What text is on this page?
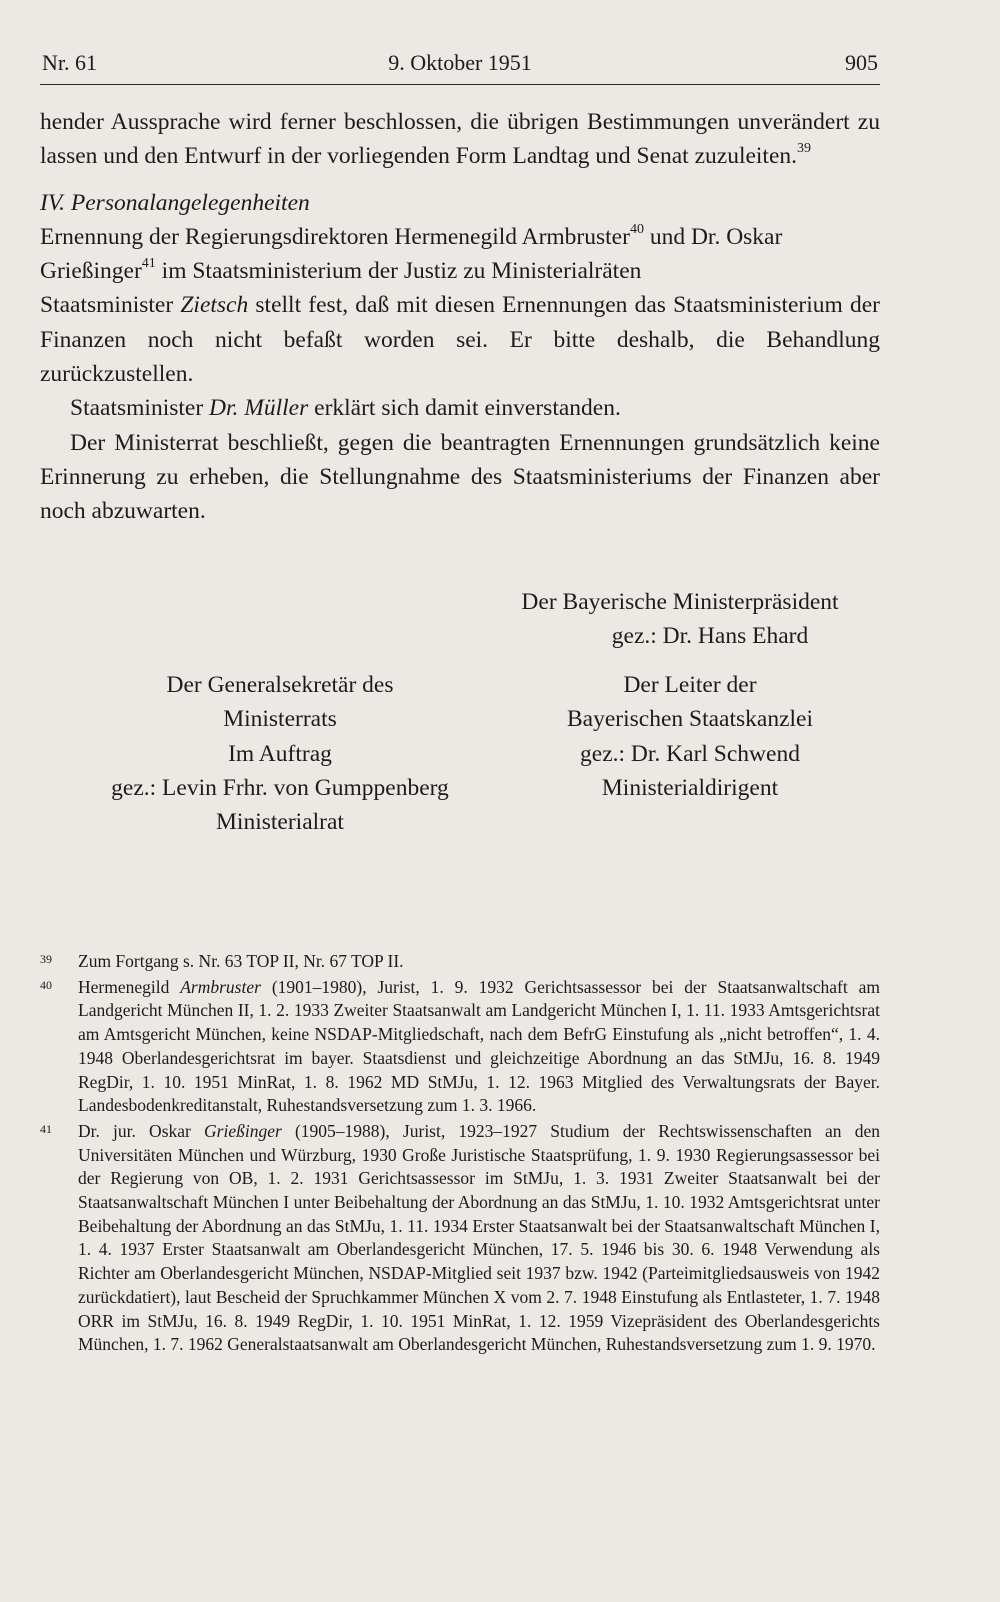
Nr. 61	9. Oktober 1951	905

hender Aussprache wird ferner beschlossen, die übrigen Bestimmungen unverändert zu lassen und den Entwurf in der vorliegenden Form Landtag und Senat zuzuleiten.$^{39}$

IV. Personalangelegenheiten

Ernennung der Regierungsdirektoren Hermenegild Armbruster$^{40}$ und Dr. Oskar Grießinger$^{41}$ im Staatsministerium der Justiz zu Ministerialräten

Staatsminister Zietsch stellt fest, daß mit diesen Ernennungen das Staatsministerium der Finanzen noch nicht befaßt worden sei. Er bitte deshalb, die Behandlung zurückzustellen.

Staatsminister Dr. Müller erklärt sich damit einverstanden.

Der Ministerrat beschließt, gegen die beantragten Ernennungen grundsätzlich keine Erinnerung zu erheben, die Stellungnahme des Staatsministeriums der Finanzen aber noch abzuwarten.

Der Bayerische Ministerpräsident
gez.: Dr. Hans Ehard
Der Generalsekretär des
Ministerrats
Im Auftrag
gez.: Levin Frhr. von Gumppenberg
Ministerialrat
Der Leiter der
Bayerischen Staatskanzlei
gez.: Dr. Karl Schwend
Ministerialdirigent
39 Zum Fortgang s. Nr. 63 TOP II, Nr. 67 TOP II.
40 Hermenegild Armbruster (1901–1980), Jurist, 1. 9. 1932 Gerichtsassessor bei der Staatsanwaltschaft am Landgericht München II, 1. 2. 1933 Zweiter Staatsanwalt am Landgericht München I, 1. 11. 1933 Amtsgerichtsrat am Amtsgericht München, keine NSDAP-Mitgliedschaft, nach dem BefrG Einstufung als „nicht betroffen“, 1. 4. 1948 Oberlandesgerichtsrat im bayer. Staatsdienst und gleichzeitige Abordnung an das StMJu, 16. 8. 1949 RegDir, 1. 10. 1951 MinRat, 1. 8. 1962 MD StMJu, 1. 12. 1963 Mitglied des Verwaltungsrats der Bayer. Landesbodenkreditanstalt, Ruhestandsversetzung zum 1. 3. 1966.
41 Dr. jur. Oskar Grießinger (1905–1988), Jurist, 1923–1927 Studium der Rechtswissenschaften an den Universitäten München und Würzburg, 1930 Große Juristische Staatsprüfung, 1. 9. 1930 Regierungsassessor bei der Regierung von OB, 1. 2. 1931 Gerichtsassessor im StMJu, 1. 3. 1931 Zweiter Staatsanwalt bei der Staatsanwaltschaft München I unter Beibehaltung der Abordnung an das StMJu, 1. 10. 1932 Amtsgerichtsrat unter Beibehaltung der Abordnung an das StMJu, 1. 11. 1934 Erster Staatsanwalt bei der Staatsanwaltschaft München I, 1. 4. 1937 Erster Staatsanwalt am Oberlandesgericht München, 17. 5. 1946 bis 30. 6. 1948 Verwendung als Richter am Oberlandesgericht München, NSDAP-Mitglied seit 1937 bzw. 1942 (Parteimitgliedsausweis von 1942 zurückdatiert), laut Bescheid der Spruchkammer München X vom 2. 7. 1948 Einstufung als Entlasteter, 1. 7. 1948 ORR im StMJu, 16. 8. 1949 RegDir, 1. 10. 1951 MinRat, 1. 12. 1959 Vizepräsident des Oberlandesgerichts München, 1. 7. 1962 Generalstaatsanwalt am Oberlandesgericht München, Ruhestandsversetzung zum 1. 9. 1970.
